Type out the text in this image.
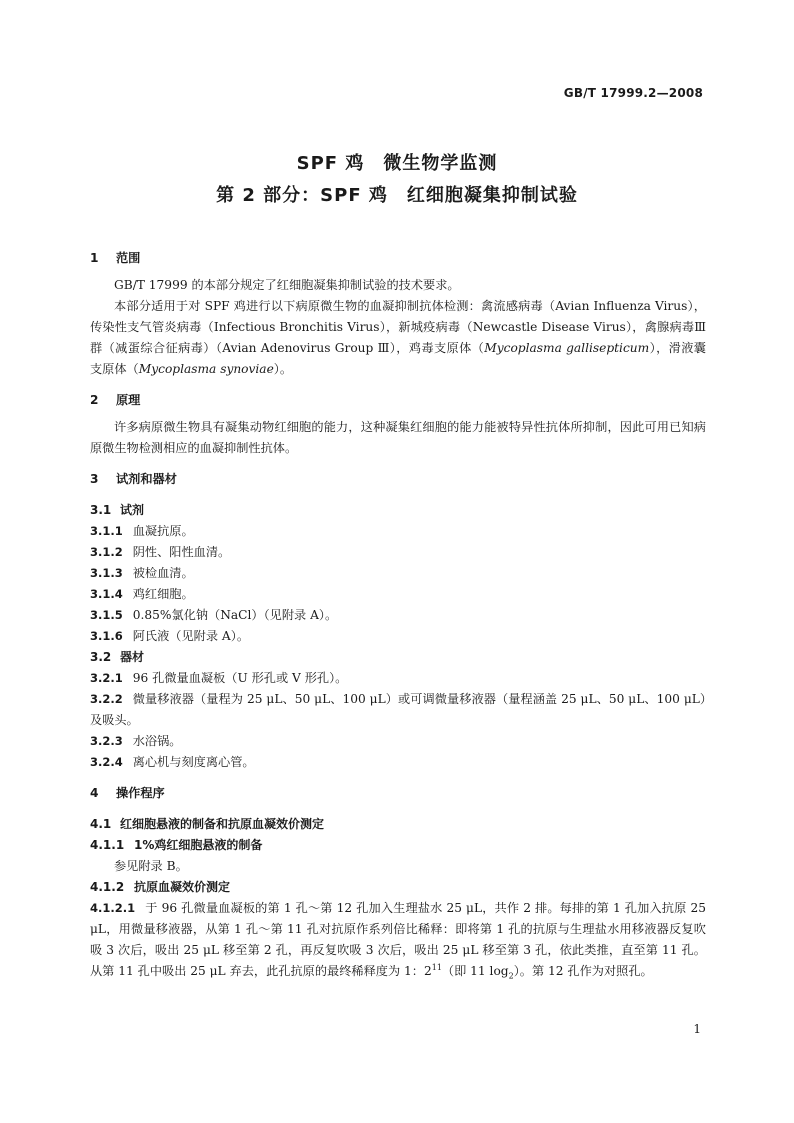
GB/T 17999.2—2008
SPF 鸡　微生物学监测
第 2 部分：SPF 鸡　红细胞凝集抑制试验
1 范围

GB/T 17999 的本部分规定了红细胞凝集抑制试验的技术要求。

本部分适用于对 SPF 鸡进行以下病原微生物的血凝抑制抗体检测：禽流感病毒（Avian Influenza Virus），传染性支气管炎病毒（Infectious Bronchitis Virus），新城疫病毒（Newcastle Disease Virus），禽腺病毒Ⅲ群（减蛋综合征病毒）（Avian Adenovirus Group Ⅲ），鸡毒支原体（Mycoplasma gallisepticum），滑液囊支原体（Mycoplasma synoviae）。

2 原理

许多病原微生物具有凝集动物红细胞的能力，这种凝集红细胞的能力能被特异性抗体所抑制，因此可用已知病原微生物检测相应的血凝抑制性抗体。

3 试剂和器材
3.1 试剂
3.1.1 血凝抗原。
3.1.2 阴性、阳性血清。
3.1.3 被检血清。
3.1.4 鸡红细胞。
3.1.5 0.85%氯化钠（NaCl）（见附录 A）。
3.1.6 阿氏液（见附录 A）。
3.2 器材
3.2.1 96 孔微量血凝板（U 形孔或 V 形孔）。

3.2.2 微量移液器（量程为 25 μL、50 μL、100 μL）或可调微量移液器（量程涵盖 25 μL、50 μL、100 μL）及吸头。

3.2.3 水浴锅。
3.2.4 离心机与刻度离心管。
4 操作程序
4.1 红细胞悬液的制备和抗原血凝效价测定
4.1.1 1%鸡红细胞悬液的制备

参见附录 B。

4.1.2 抗原血凝效价测定

4.1.2.1 于 96 孔微量血凝板的第 1 孔～第 12 孔加入生理盐水 25 μL，共作 2 排。每排的第 1 孔加入抗原 25 μL，用微量移液器，从第 1 孔～第 11 孔对抗原作系列倍比稀释：即将第 1 孔的抗原与生理盐水用移液器反复吹吸 3 次后，吸出 25 μL 移至第 2 孔，再反复吹吸 3 次后，吸出 25 μL 移至第 3 孔，依此类推，直至第 11 孔。从第 11 孔中吸出 25 μL 弃去，此孔抗原的最终稀释度为 1：$2^{11}$（即 11 $\log_2$）。第 12 孔作为对照孔。

1
